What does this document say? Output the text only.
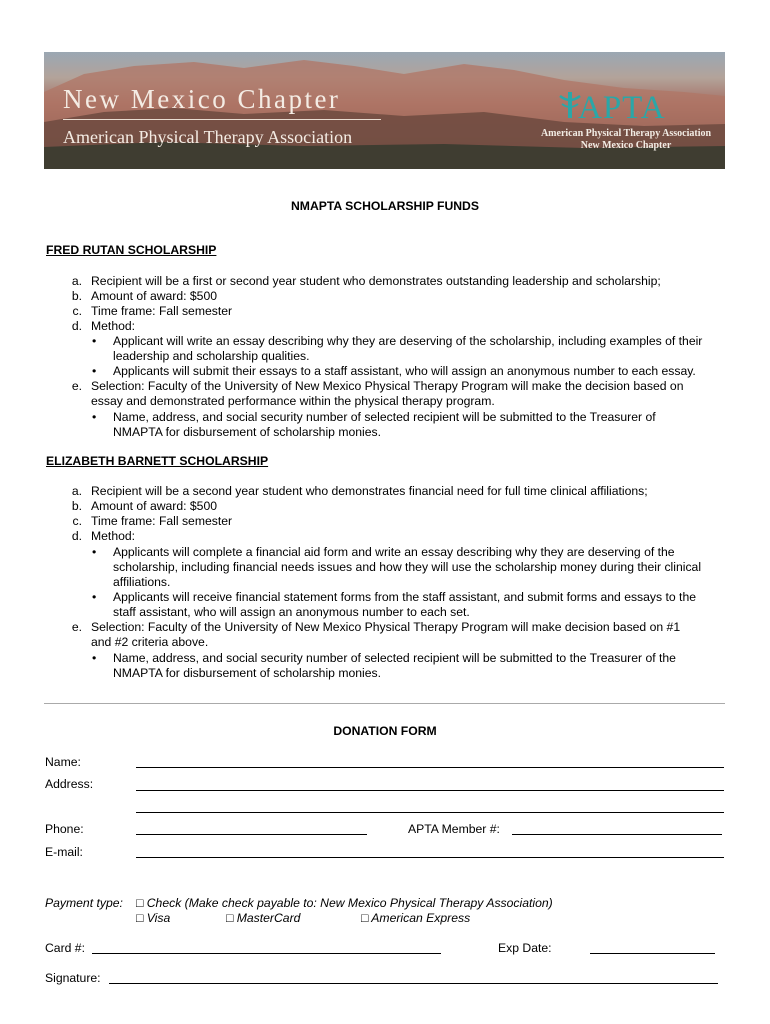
New Mexico Chapter
American Physical Therapy Association
APTA
American Physical Therapy Association
New Mexico Chapter
NMAPTA SCHOLARSHIP FUNDS
FRED RUTAN SCHOLARSHIP
a. Recipient will be a first or second year student who demonstrates outstanding leadership and scholarship;
b. Amount of award: $500
c. Time frame: Fall semester
d. Method:
• Applicant will write an essay describing why they are deserving of the scholarship, including examples of their
leadership and scholarship qualities.
• Applicants will submit their essays to a staff assistant, who will assign an anonymous number to each essay.
e. Selection: Faculty of the University of New Mexico Physical Therapy Program will make the decision based on
essay and demonstrated performance within the physical therapy program.
• Name, address, and social security number of selected recipient will be submitted to the Treasurer of
NMAPTA for disbursement of scholarship monies.
ELIZABETH BARNETT SCHOLARSHIP
a. Recipient will be a second year student who demonstrates financial need for full time clinical affiliations;
b. Amount of award: $500
c. Time frame: Fall semester
d. Method:
• Applicants will complete a financial aid form and write an essay describing why they are deserving of the
scholarship, including financial needs issues and how they will use the scholarship money during their clinical
affiliations.
• Applicants will receive financial statement forms from the staff assistant, and submit forms and essays to the
staff assistant, who will assign an anonymous number to each set.
e. Selection: Faculty of the University of New Mexico Physical Therapy Program will make decision based on #1
and #2 criteria above.
• Name, address, and social security number of selected recipient will be submitted to the Treasurer of the
NMAPTA for disbursement of scholarship monies.
DONATION FORM
Name:
Address:
Phone:	APTA Member #:
E-mail:
Payment type: □ Check (Make check payable to: New Mexico Physical Therapy Association)
□ Visa	□ MasterCard	□ American Express
Card #:	Exp Date:
Signature:
